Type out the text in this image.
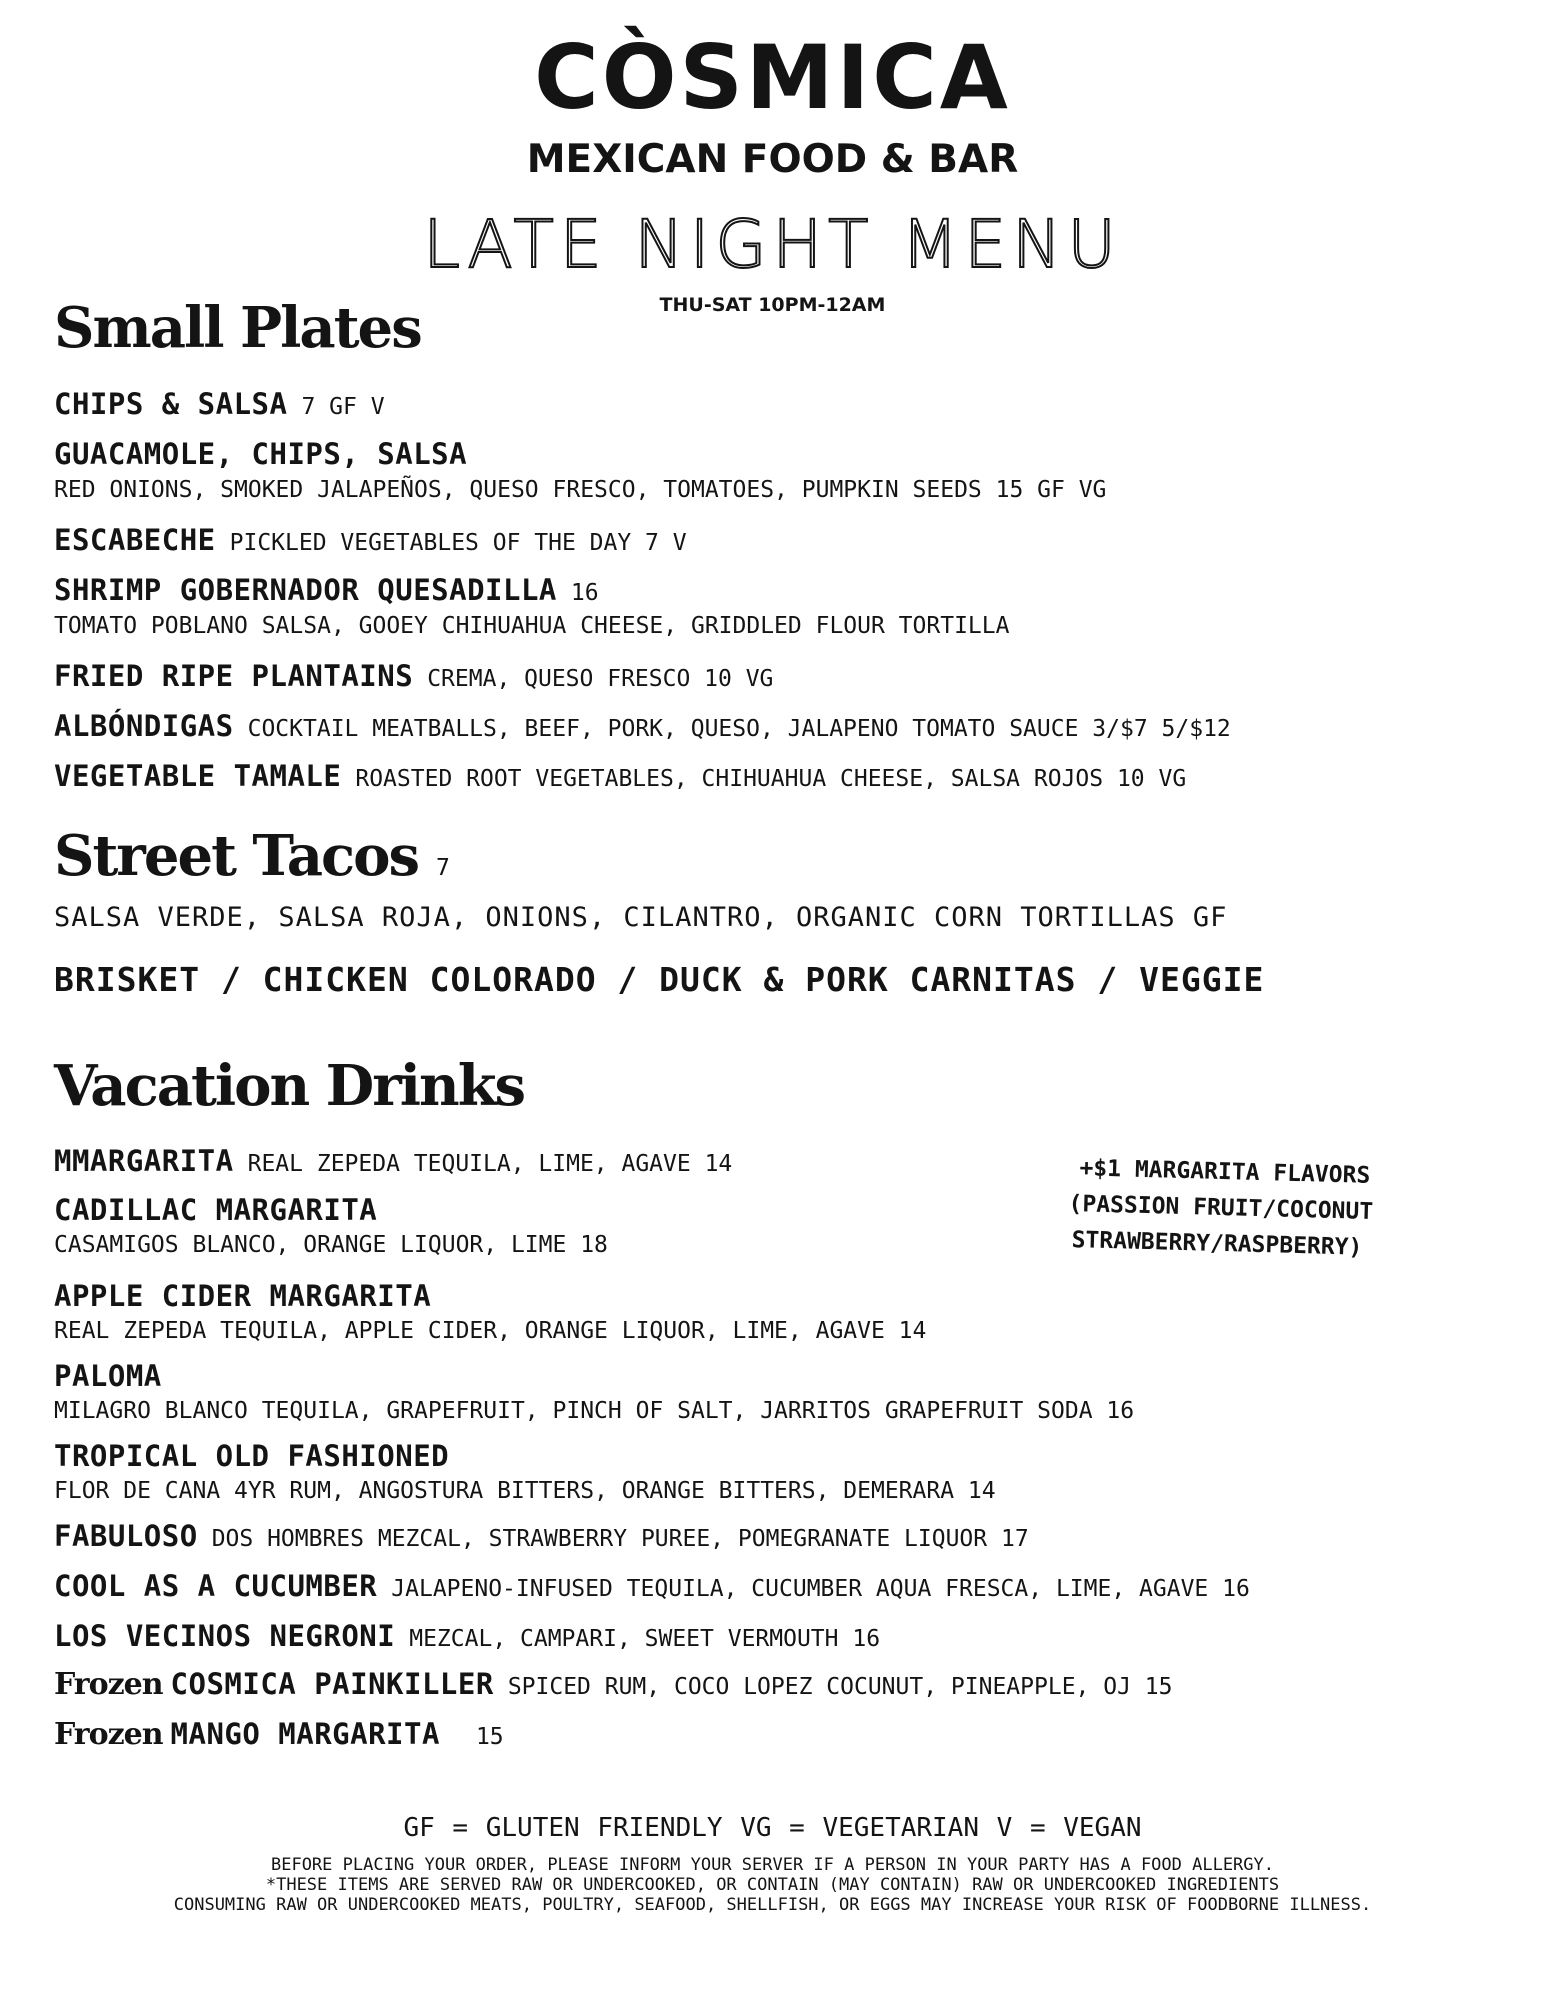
CÒSMICA
MEXICAN FOOD & BAR
LATE NIGHT MENU
THU-SAT 10PM-12AM
Small Plates
CHIPS & SALSA 7 GF V
GUACAMOLE, CHIPS, SALSA
RED ONIONS, SMOKED JALAPEÑOS, QUESO FRESCO, TOMATOES, PUMPKIN SEEDS 15 GF VG
ESCABECHE PICKLED VEGETABLES OF THE DAY 7 V
SHRIMP GOBERNADOR QUESADILLA 16
TOMATO POBLANO SALSA, GOOEY CHIHUAHUA CHEESE, GRIDDLED FLOUR TORTILLA
FRIED RIPE PLANTAINS CREMA, QUESO FRESCO 10 VG
ALBÓNDIGAS COCKTAIL MEATBALLS, BEEF, PORK, QUESO, JALAPENO TOMATO SAUCE 3/$7 5/$12
VEGETABLE TAMALE ROASTED ROOT VEGETABLES, CHIHUAHUA CHEESE, SALSA ROJOS 10 VG
Street Tacos 7
SALSA VERDE, SALSA ROJA, ONIONS, CILANTRO, ORGANIC CORN TORTILLAS GF
BRISKET / CHICKEN COLORADO / DUCK & PORK CARNITAS / VEGGIE
Vacation Drinks
MMARGARITA REAL ZEPEDA TEQUILA, LIME, AGAVE 14
CADILLAC MARGARITA
CASAMIGOS BLANCO, ORANGE LIQUOR, LIME 18
APPLE CIDER MARGARITA
REAL ZEPEDA TEQUILA, APPLE CIDER, ORANGE LIQUOR, LIME, AGAVE 14
PALOMA
MILAGRO BLANCO TEQUILA, GRAPEFRUIT, PINCH OF SALT, JARRITOS GRAPEFRUIT SODA 16
TROPICAL OLD FASHIONED
FLOR DE CANA 4YR RUM, ANGOSTURA BITTERS, ORANGE BITTERS, DEMERARA 14
FABULOSO DOS HOMBRES MEZCAL, STRAWBERRY PUREE, POMEGRANATE LIQUOR 17
COOL AS A CUCUMBER JALAPENO-INFUSED TEQUILA, CUCUMBER AQUA FRESCA, LIME, AGAVE 16
LOS VECINOS NEGRONI MEZCAL, CAMPARI, SWEET VERMOUTH 16
Frozen COSMICA PAINKILLER SPICED RUM, COCO LOPEZ COCUNUT, PINEAPPLE, OJ 15
Frozen MANGO MARGARITA 15
+$1 MARGARITA FLAVORS
(PASSION FRUIT/COCONUT
STRAWBERRY/RASPBERRY)
GF = GLUTEN FRIENDLY VG = VEGETARIAN V = VEGAN
BEFORE PLACING YOUR ORDER, PLEASE INFORM YOUR SERVER IF A PERSON IN YOUR PARTY HAS A FOOD ALLERGY.
*THESE ITEMS ARE SERVED RAW OR UNDERCOOKED, OR CONTAIN (MAY CONTAIN) RAW OR UNDERCOOKED INGREDIENTS
CONSUMING RAW OR UNDERCOOKED MEATS, POULTRY, SEAFOOD, SHELLFISH, OR EGGS MAY INCREASE YOUR RISK OF FOODBORNE ILLNESS.
